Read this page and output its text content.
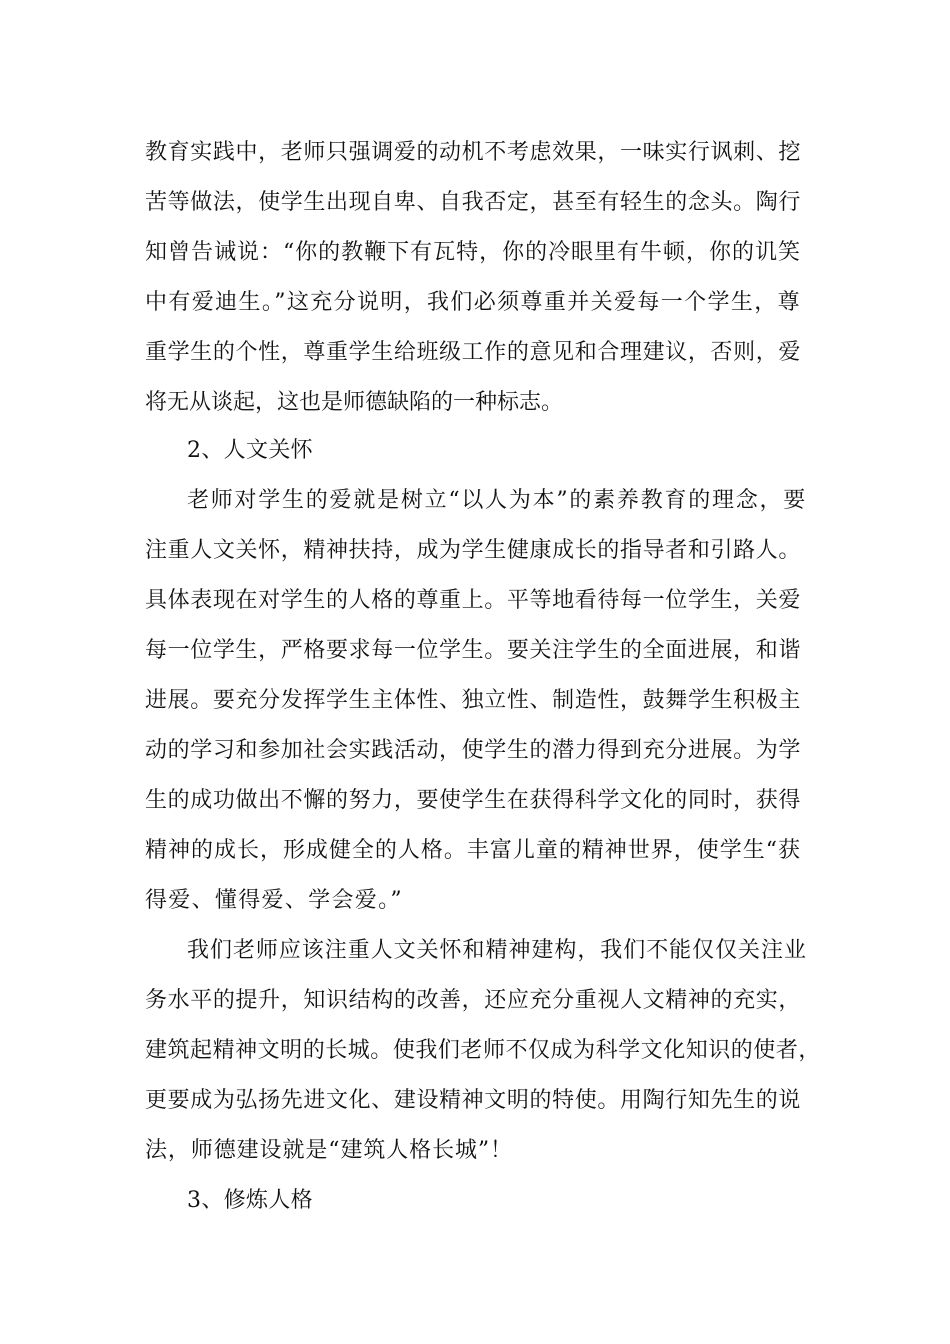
教育实践中，老师只强调爱的动机不考虑效果，一味实行讽刺、挖
苦等做法，使学生出现自卑、自我否定，甚至有轻生的念头。陶行
知曾告诫说：“你的教鞭下有瓦特，你的冷眼里有牛顿，你的讥笑
中有爱迪生。”这充分说明，我们必须尊重并关爱每一个学生，尊
重学生的个性，尊重学生给班级工作的意见和合理建议，否则，爱
将无从谈起，这也是师德缺陷的一种标志。
2、人文关怀
老师对学生的爱就是树立“以人为本”的素养教育的理念，要
注重人文关怀，精神扶持，成为学生健康成长的指导者和引路人。
具体表现在对学生的人格的尊重上。平等地看待每一位学生，关爱
每一位学生，严格要求每一位学生。要关注学生的全面进展，和谐
进展。要充分发挥学生主体性、独立性、制造性，鼓舞学生积极主
动的学习和参加社会实践活动，使学生的潜力得到充分进展。为学
生的成功做出不懈的努力，要使学生在获得科学文化的同时，获得
精神的成长，形成健全的人格。丰富儿童的精神世界，使学生“获
得爱、懂得爱、学会爱。”
我们老师应该注重人文关怀和精神建构，我们不能仅仅关注业
务水平的提升，知识结构的改善，还应充分重视人文精神的充实，
建筑起精神文明的长城。使我们老师不仅成为科学文化知识的使者，
更要成为弘扬先进文化、建设精神文明的特使。用陶行知先生的说
法，师德建设就是“建筑人格长城”！
3、修炼人格
